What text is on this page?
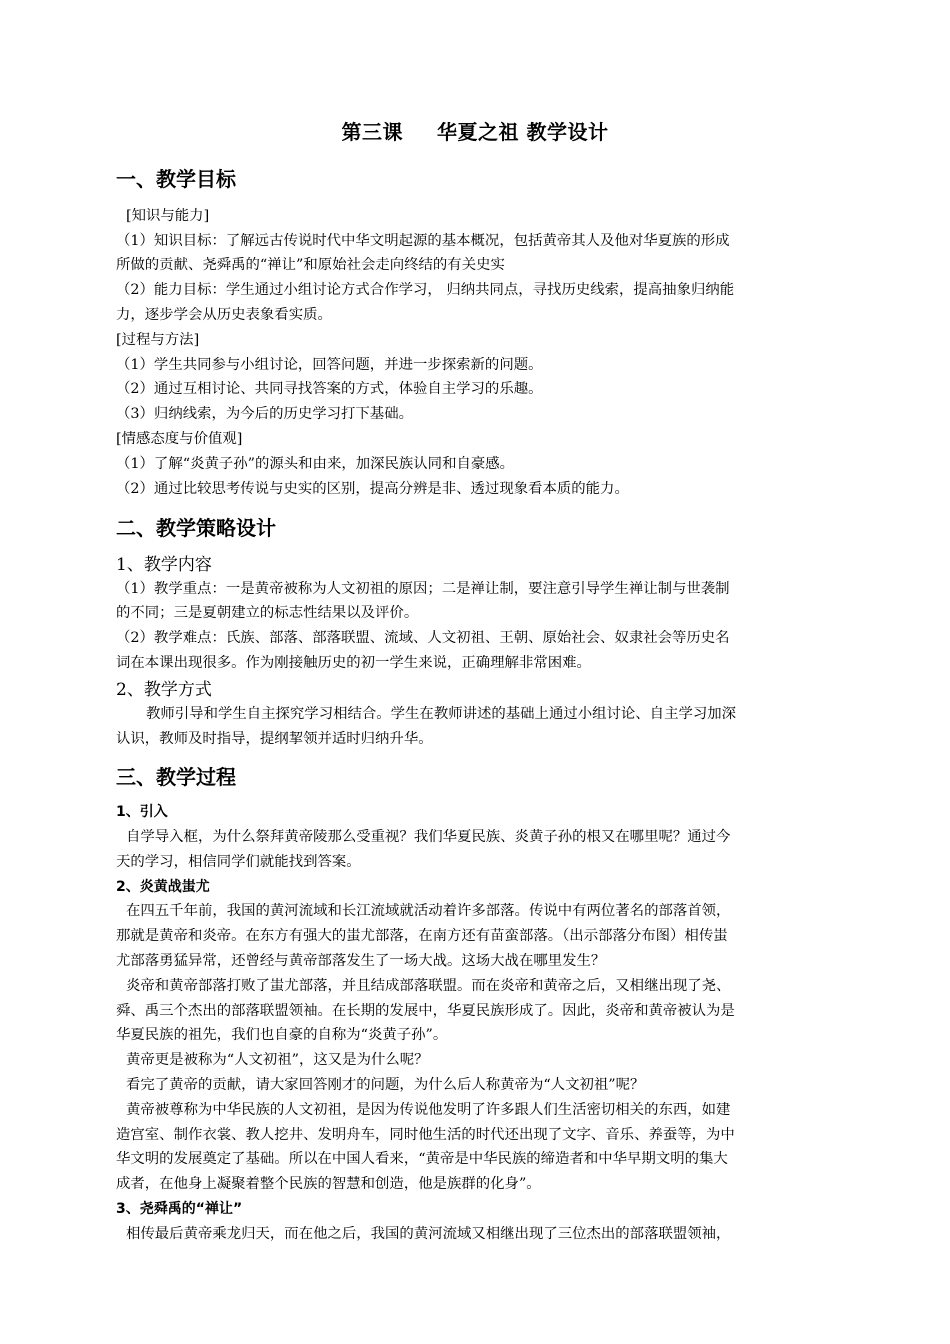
第三课 华夏之祖 教学设计
一、教学目标
[知识与能力]
（1）知识目标：了解远古传说时代中华文明起源的基本概况，包括黄帝其人及他对华夏族的形成
所做的贡献、尧舜禹的“禅让”和原始社会走向终结的有关史实
（2）能力目标：学生通过小组讨论方式合作学习， 归纳共同点，寻找历史线索，提高抽象归纳能
力，逐步学会从历史表象看实质。
[过程与方法]
（1）学生共同参与小组讨论，回答问题，并进一步探索新的问题。
（2）通过互相讨论、共同寻找答案的方式，体验自主学习的乐趣。
（3）归纳线索，为今后的历史学习打下基础。
[情感态度与价值观]
（1）了解“炎黄子孙”的源头和由来，加深民族认同和自豪感。
（2）通过比较思考传说与史实的区别，提高分辨是非、透过现象看本质的能力。
二、教学策略设计
1、教学内容
（1）教学重点：一是黄帝被称为人文初祖的原因；二是禅让制，要注意引导学生禅让制与世袭制
的不同；三是夏朝建立的标志性结果以及评价。
（2）教学难点：氏族、部落、部落联盟、流域、人文初祖、王朝、原始社会、奴隶社会等历史名
词在本课出现很多。作为刚接触历史的初一学生来说，正确理解非常困难。
2、教学方式
教师引导和学生自主探究学习相结合。学生在教师讲述的基础上通过小组讨论、自主学习加深
认识，教师及时指导，提纲挈领并适时归纳升华。
三、教学过程
1、引入
自学导入框，为什么祭拜黄帝陵那么受重视？我们华夏民族、炎黄子孙的根又在哪里呢？通过今
天的学习，相信同学们就能找到答案。
2、炎黄战蚩尤
在四五千年前，我国的黄河流域和长江流域就活动着许多部落。传说中有两位著名的部落首领，
那就是黄帝和炎帝。在东方有强大的蚩尤部落，在南方还有苗蛮部落。（出示部落分布图）相传蚩
尤部落勇猛异常，还曾经与黄帝部落发生了一场大战。这场大战在哪里发生？
炎帝和黄帝部落打败了蚩尤部落，并且结成部落联盟。而在炎帝和黄帝之后，又相继出现了尧、
舜、禹三个杰出的部落联盟领袖。在长期的发展中，华夏民族形成了。因此，炎帝和黄帝被认为是
华夏民族的祖先，我们也自豪的自称为“炎黄子孙”。
黄帝更是被称为“人文初祖”，这又是为什么呢？
看完了黄帝的贡献，请大家回答刚才的问题，为什么后人称黄帝为“人文初祖”呢？
黄帝被尊称为中华民族的人文初祖，是因为传说他发明了许多跟人们生活密切相关的东西，如建
造宫室、制作衣裳、教人挖井、发明舟车，同时他生活的时代还出现了文字、音乐、养蚕等，为中
华文明的发展奠定了基础。所以在中国人看来，“黄帝是中华民族的缔造者和中华早期文明的集大
成者，在他身上凝聚着整个民族的智慧和创造，他是族群的化身”。
3、尧舜禹的“禅让”
相传最后黄帝乘龙归天，而在他之后，我国的黄河流域又相继出现了三位杰出的部落联盟领袖，
